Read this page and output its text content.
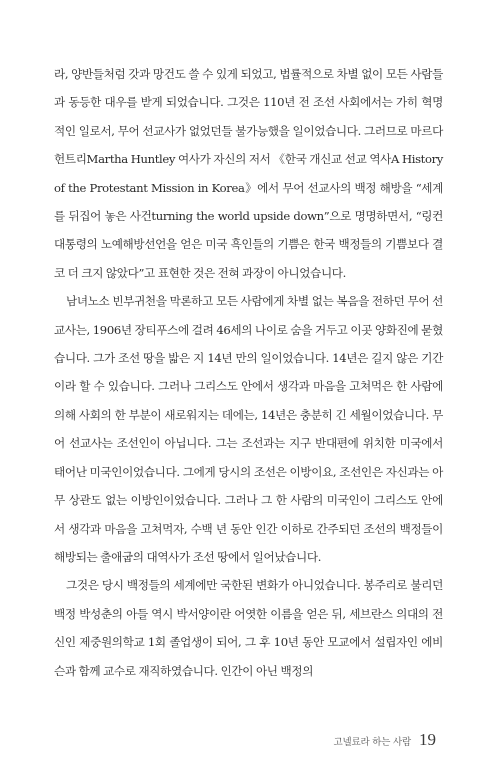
라, 양반들처럼 갓과 망건도 쓸 수 있게 되었고, 법률적으로 차별 없이 모든 사람들과 동등한 대우를 받게 되었습니다. 그것은 110년 전 조선 사회에서는 가히 혁명적인 일로서, 무어 선교사가 없었던들 불가능했을 일이었습니다. 그러므로 마르다 헌트리Martha Huntley 여사가 자신의 저서 《한국 개신교 선교 역사A History of the Protestant Mission in Korea》에서 무어 선교사의 백정 해방을 “세계를 뒤집어 놓은 사건turning the world upside down”으로 명명하면서, “링컨 대통령의 노예해방선언을 얻은 미국 흑인들의 기쁨은 한국 백정들의 기쁨보다 결코 더 크지 않았다”고 표현한 것은 전혀 과장이 아니었습니다.

남녀노소 빈부귀천을 막론하고 모든 사람에게 차별 없는 복음을 전하던 무어 선교사는, 1906년 장티푸스에 걸려 46세의 나이로 숨을 거두고 이곳 양화진에 묻혔습니다. 그가 조선 땅을 밟은 지 14년 만의 일이었습니다. 14년은 길지 않은 기간이라 할 수 있습니다. 그러나 그리스도 안에서 생각과 마음을 고쳐먹은 한 사람에 의해 사회의 한 부분이 새로워지는 데에는, 14년은 충분히 긴 세월이었습니다. 무어 선교사는 조선인이 아닙니다. 그는 조선과는 지구 반대편에 위치한 미국에서 태어난 미국인이었습니다. 그에게 당시의 조선은 이방이요, 조선인은 자신과는 아무 상관도 없는 이방인이었습니다. 그러나 그 한 사람의 미국인이 그리스도 안에서 생각과 마음을 고쳐먹자, 수백 년 동안 인간 이하로 간주되던 조선의 백정들이 해방되는 출애굽의 대역사가 조선 땅에서 일어났습니다.

그것은 당시 백정들의 세계에만 국한된 변화가 아니었습니다. 봉주리로 불리던 백정 박성춘의 아들 역시 박서양이란 어엿한 이름을 얻은 뒤, 세브란스 의대의 전신인 제중원의학교 1회 졸업생이 되어, 그 후 10년 동안 모교에서 설립자인 에비슨과 함께 교수로 재직하였습니다. 인간이 아닌 백정의

고넬료라 하는 사람 19
